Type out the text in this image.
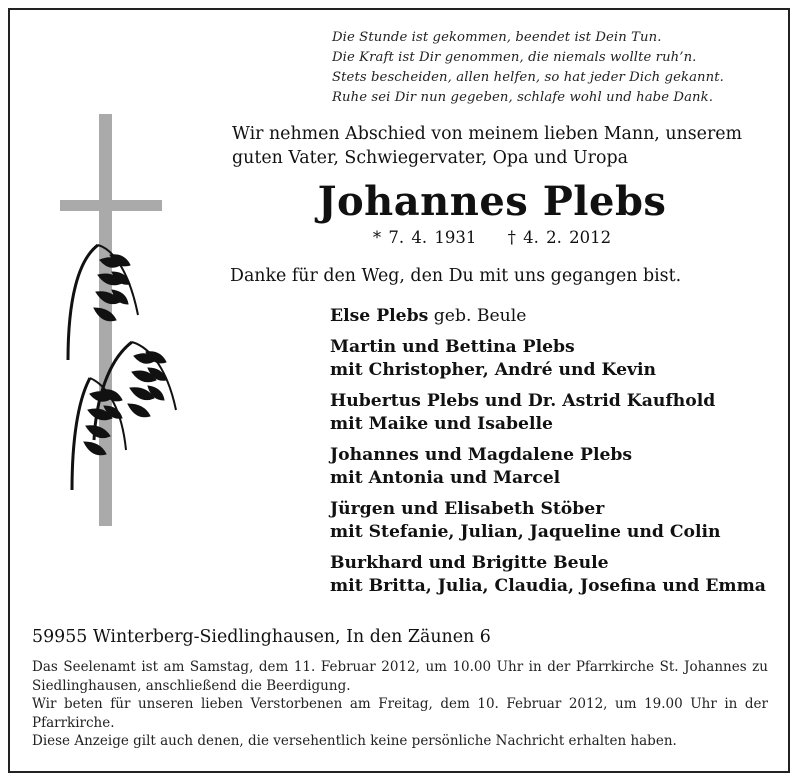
Die Stunde ist gekommen, beendet ist Dein Tun.
Die Kraft ist Dir genommen, die niemals wollte ruh’n.
Stets bescheiden, allen helfen, so hat jeder Dich gekannt.
Ruhe sei Dir nun gegeben, schlafe wohl und habe Dank.
Wir nehmen Abschied von meinem lieben Mann, unserem
guten Vater, Schwiegervater, Opa und Uropa
Johannes Plebs
* 7. 4. 1931 † 4. 2. 2012
Danke für den Weg, den Du mit uns gegangen bist.
Else Plebs geb. Beule
Martin und Bettina Plebs
mit Christopher, André und Kevin
Hubertus Plebs und Dr. Astrid Kaufhold
mit Maike und Isabelle
Johannes und Magdalene Plebs
mit Antonia und Marcel
Jürgen und Elisabeth Stöber
mit Stefanie, Julian, Jaqueline und Colin
Burkhard und Brigitte Beule
mit Britta, Julia, Claudia, Josefina und Emma
59955 Winterberg-Siedlinghausen, In den Zäunen 6
Das Seelenamt ist am Samstag, dem 11. Februar 2012, um 10.00 Uhr in der Pfarrkirche St. Johannes zu Siedlinghausen, anschließend die Beerdigung.
Wir beten für unseren lieben Verstorbenen am Freitag, dem 10. Februar 2012, um 19.00 Uhr in der Pfarrkirche.
Diese Anzeige gilt auch denen, die versehentlich keine persönliche Nachricht erhalten haben.
